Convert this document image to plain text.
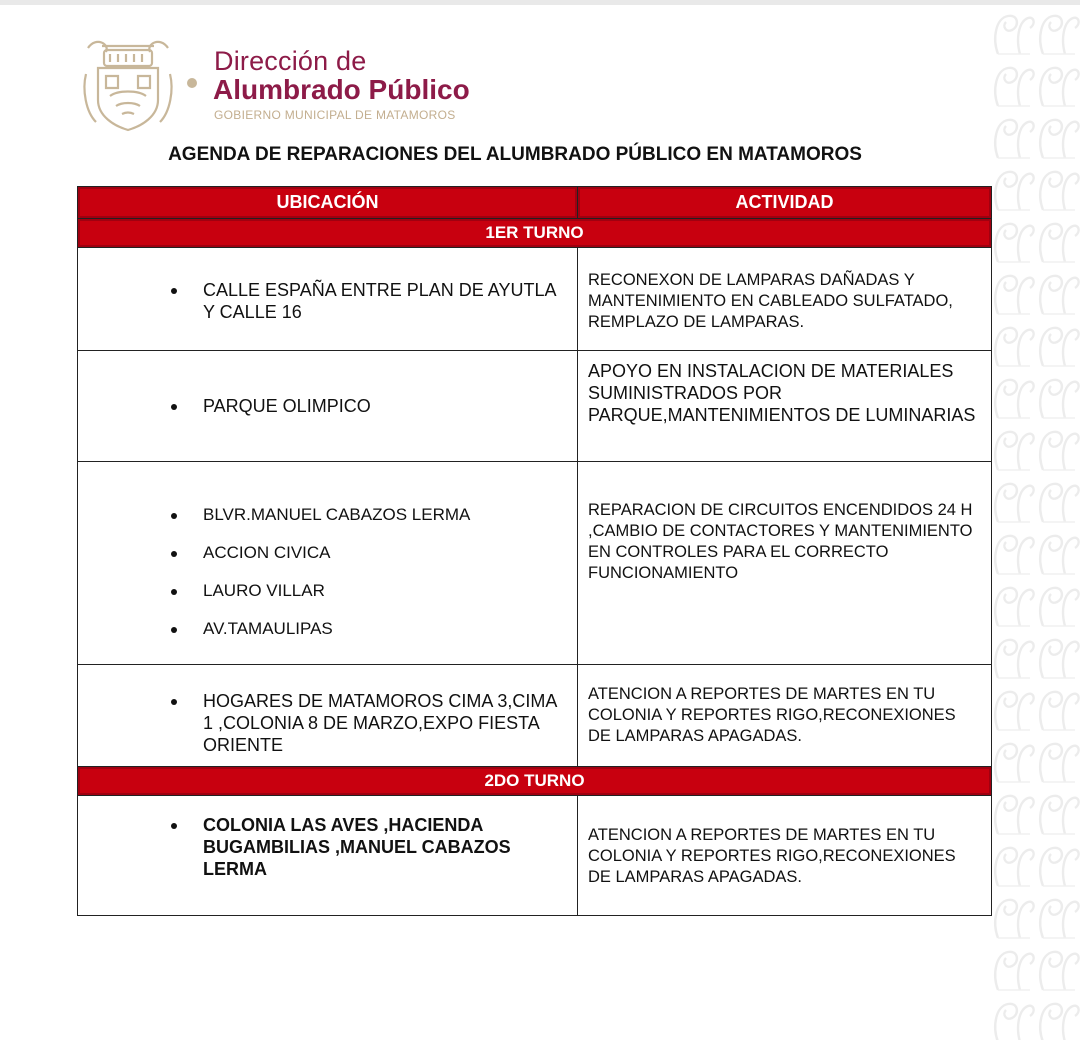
Dirección de
Alumbrado Público
GOBIERNO MUNICIPAL DE MATAMOROS
AGENDA DE REPARACIONES DEL ALUMBRADO PÚBLICO EN MATAMOROS
UBICACIÓN	ACTIVIDAD
1ER TURNO

CALLE ESPAÑA ENTRE PLAN DE AYUTLA Y CALLE 16

RECONEXON DE LAMPARAS DAÑADAS Y MANTENIMIENTO EN CABLEADO SULFATADO, REMPLAZO DE LAMPARAS.

PARQUE OLIMPICO

APOYO EN INSTALACION DE MATERIALES SUMINISTRADOS POR PARQUE,MANTENIMIENTOS DE LUMINARIAS

BLVR.MANUEL CABAZOS LERMA

ACCION CIVICA

LAURO VILLAR

AV.TAMAULIPAS

REPARACION DE CIRCUITOS ENCENDIDOS 24 H ,CAMBIO DE CONTACTORES Y MANTENIMIENTO EN CONTROLES PARA EL CORRECTO FUNCIONAMIENTO

HOGARES DE MATAMOROS CIMA 3,CIMA 1 ,COLONIA 8 DE MARZO,EXPO FIESTA ORIENTE

ATENCION A REPORTES DE MARTES EN TU COLONIA Y REPORTES RIGO,RECONEXIONES DE LAMPARAS APAGADAS.
2DO TURNO

COLONIA LAS AVES ,HACIENDA BUGAMBILIAS ,MANUEL CABAZOS LERMA

ATENCION A REPORTES DE MARTES EN TU COLONIA Y REPORTES RIGO,RECONEXIONES DE LAMPARAS APAGADAS.
